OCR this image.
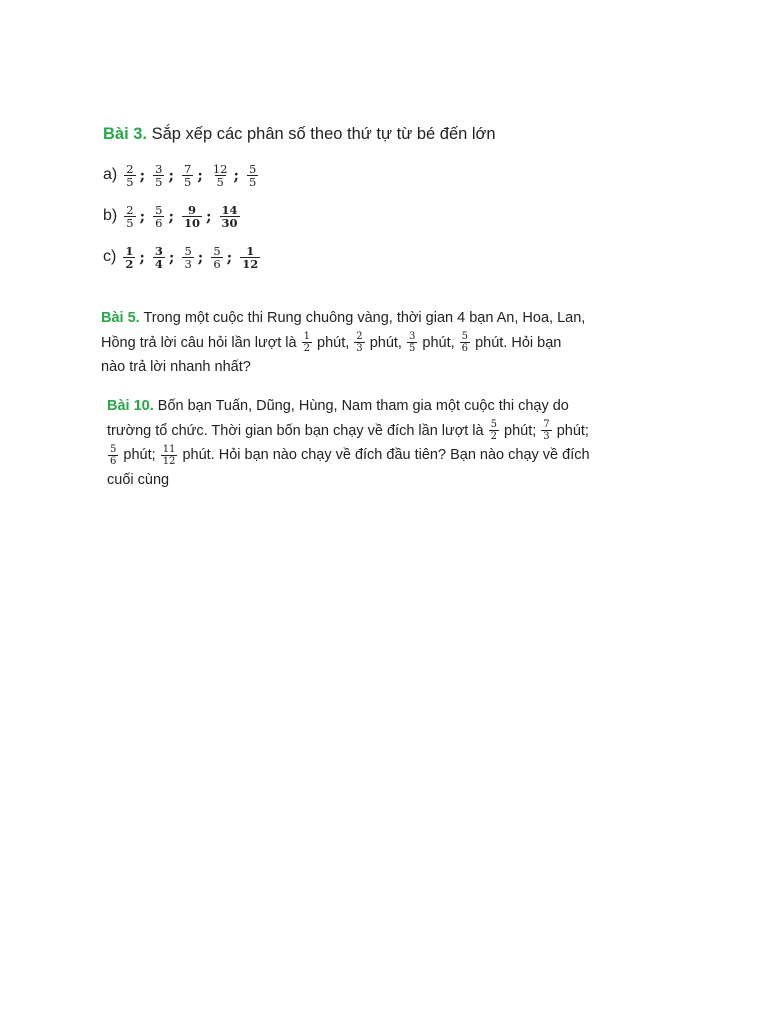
Bài 3. Sắp xếp các phân số theo thứ tự từ bé đến lớn

$a) \frac{2}{5}$ ; $\frac{3}{5}$ ; $\frac{7}{5}$ ; $\frac{12}{5}$ ; $\frac{5}{5}$
$b) \frac{2}{5}$ ; $\frac{5}{6}$ ; $\frac{9}{10}$ ; $\frac{14}{30}$
$c) \frac{1}{2}$ ; $\frac{3}{4}$ ; $\frac{5}{3}$ ; $\frac{5}{6}$ ; $\frac{1}{12}$

Bài 5. Trong một cuộc thi Rung chuông vàng, thời gian 4 bạn An, Hoa, Lan,
Hồng trả lời câu hỏi lần lượt là $\frac{1}{2}$ phút, $\frac{2}{3}$ phút, $\frac{3}{5}$ phút, $\frac{5}{6}$ phút. Hỏi bạn
nào trả lời nhanh nhất?

Bài 10. Bốn bạn Tuấn, Dũng, Hùng, Nam tham gia một cuộc thi chạy do
trường tổ chức. Thời gian bốn bạn chạy về đích lần lượt là $\frac{5}{2}$ phút; $\frac{7}{3}$ phút;

$\frac{5}{6}$ phút; $\frac{11}{12}$ phút. Hỏi bạn nào chạy về đích đầu tiên? Bạn nào chạy về đích
cuối cùng
